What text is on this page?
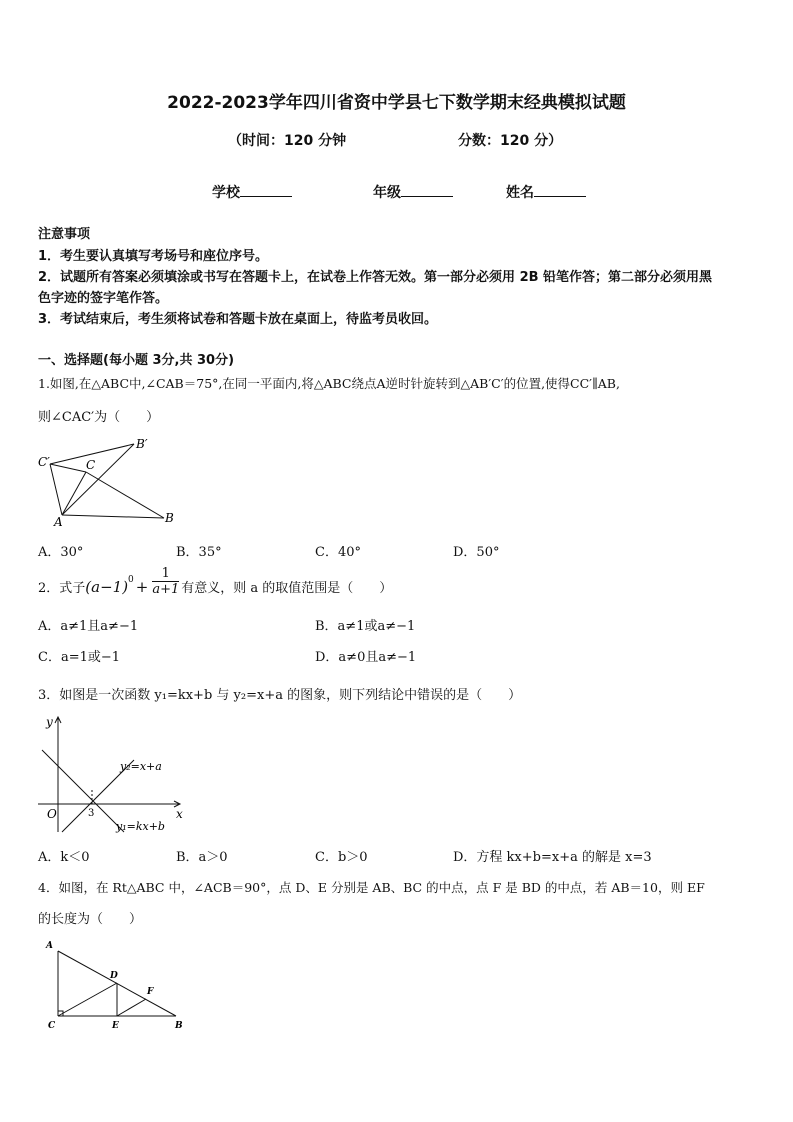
2022-2023学年四川省资中学县七下数学期末经典模拟试题
（时间：120 分钟	分数：120 分）
学校	年级	姓名
注意事项
1．考生要认真填写考场号和座位序号。
2．试题所有答案必须填涂或书写在答题卡上，在试卷上作答无效。第一部分必须用 2B 铅笔作答；第二部分必须用黑
色字迹的签字笔作答。
3．考试结束后，考生须将试卷和答题卡放在桌面上，待监考员收回。
一、选择题(每小题 3分,共 30分)
1.如图,在△ABC中,∠CAB＝75°,在同一平面内,将△ABC绕点A逆时针旋转到△AB′C′的位置,使得CC′∥AB,
则∠CAC′为（　　）
C′	C
B′
A	B
A．30°	B．35°	C．40°	D．50°
2．式子$(a-1)^0 + \frac{1}{a+1}$ 有意义，则 a 的取值范围是（　　）
A．a≠1且a≠−1	B．a≠1或a≠−1
C．a=1或−1	D．a≠0且a≠−1
3．如图是一次函数 y₁=kx+b 与 y₂=x+a 的图象，则下列结论中错误的是（　　）
y
x
O	3
y₂=x+a
y₁=kx+b
A．k＜0	B．a＞0	C．b＞0	D．方程 kx+b=x+a 的解是 x=3
4．如图，在 Rt△ABC 中，∠ACB＝90°，点 D、E 分别是 AB、BC 的中点，点 F 是 BD 的中点，若 AB＝10，则 EF
的长度为（　　）
A
D
F
C	E	B
